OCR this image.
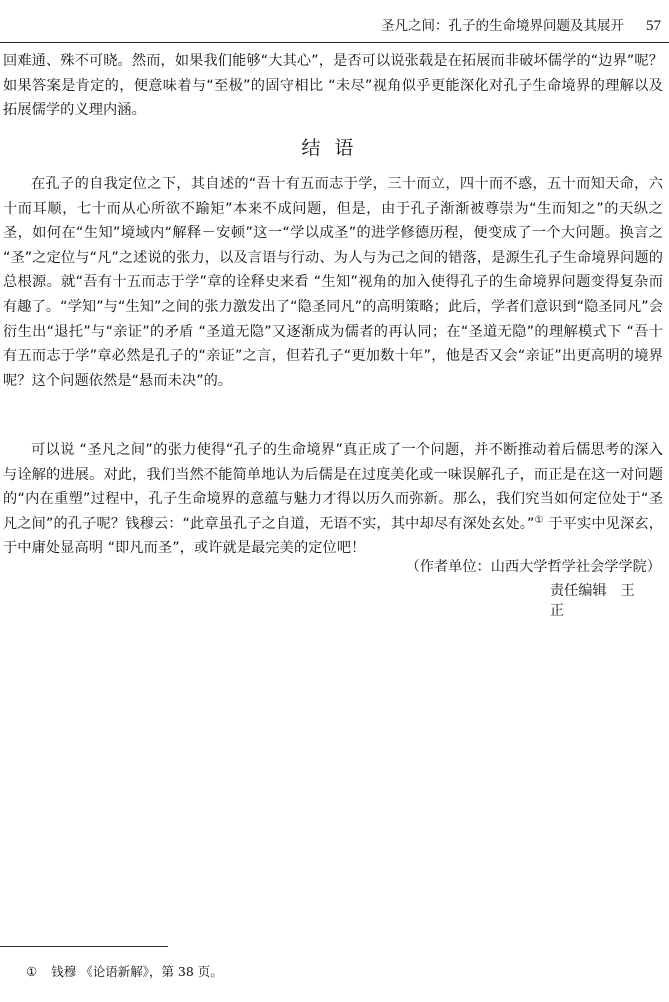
圣凡之间：孔子的生命境界问题及其展开 57

回难通、殊不可晓。然而，如果我们能够“大其心”，是否可以说张载是在拓展而非破坏儒学的“边界”呢？如果答案是肯定的，便意味着与“至极”的固守相比 “未尽”视角似乎更能深化对孔子生命境界的理解以及拓展儒学的义理内涵。

结语

在孔子的自我定位之下，其自述的“吾十有五而志于学，三十而立，四十而不惑，五十而知天命，六十而耳顺，七十而从心所欲不踰矩”本来不成问题，但是，由于孔子渐渐被尊崇为“生而知之”的天纵之圣，如何在“生知”境域内“解释－安顿”这一“学以成圣”的进学修德历程，便变成了一个大问题。换言之 “圣”之定位与“凡”之述说的张力，以及言语与行动、为人与为己之间的错落，是源生孔子生命境界问题的总根源。就“吾有十五而志于学”章的诠释史来看 “生知”视角的加入使得孔子的生命境界问题变得复杂而有趣了。“学知”与“生知”之间的张力激发出了“隐圣同凡”的高明策略；此后，学者们意识到“隐圣同凡”会衍生出“退托”与“亲证”的矛盾 “圣道无隐”又逐渐成为儒者的再认同；在“圣道无隐”的理解模式下 “吾十有五而志于学”章必然是孔子的“亲证”之言，但若孔子“更加数十年”，他是否又会“亲证”出更高明的境界呢？这个问题依然是“悬而未决”的。

可以说 “圣凡之间”的张力使得“孔子的生命境界”真正成了一个问题，并不断推动着后儒思考的深入与诠解的进展。对此，我们当然不能简单地认为后儒是在过度美化或一味误解孔子，而正是在这一对问题的“内在重塑”过程中，孔子生命境界的意蕴与魅力才得以历久而弥新。那么，我们究当如何定位处于“圣凡之间”的孔子呢？钱穆云：“此章虽孔子之自道，无语不实，其中却尽有深处玄处。”① 于平实中见深玄，于中庸处显高明 “即凡而圣”，或许就是最完美的定位吧！

（作者单位：山西大学哲学社会学学院）

责任编辑 王正

① 钱穆 《论语新解》，第 38 页。
